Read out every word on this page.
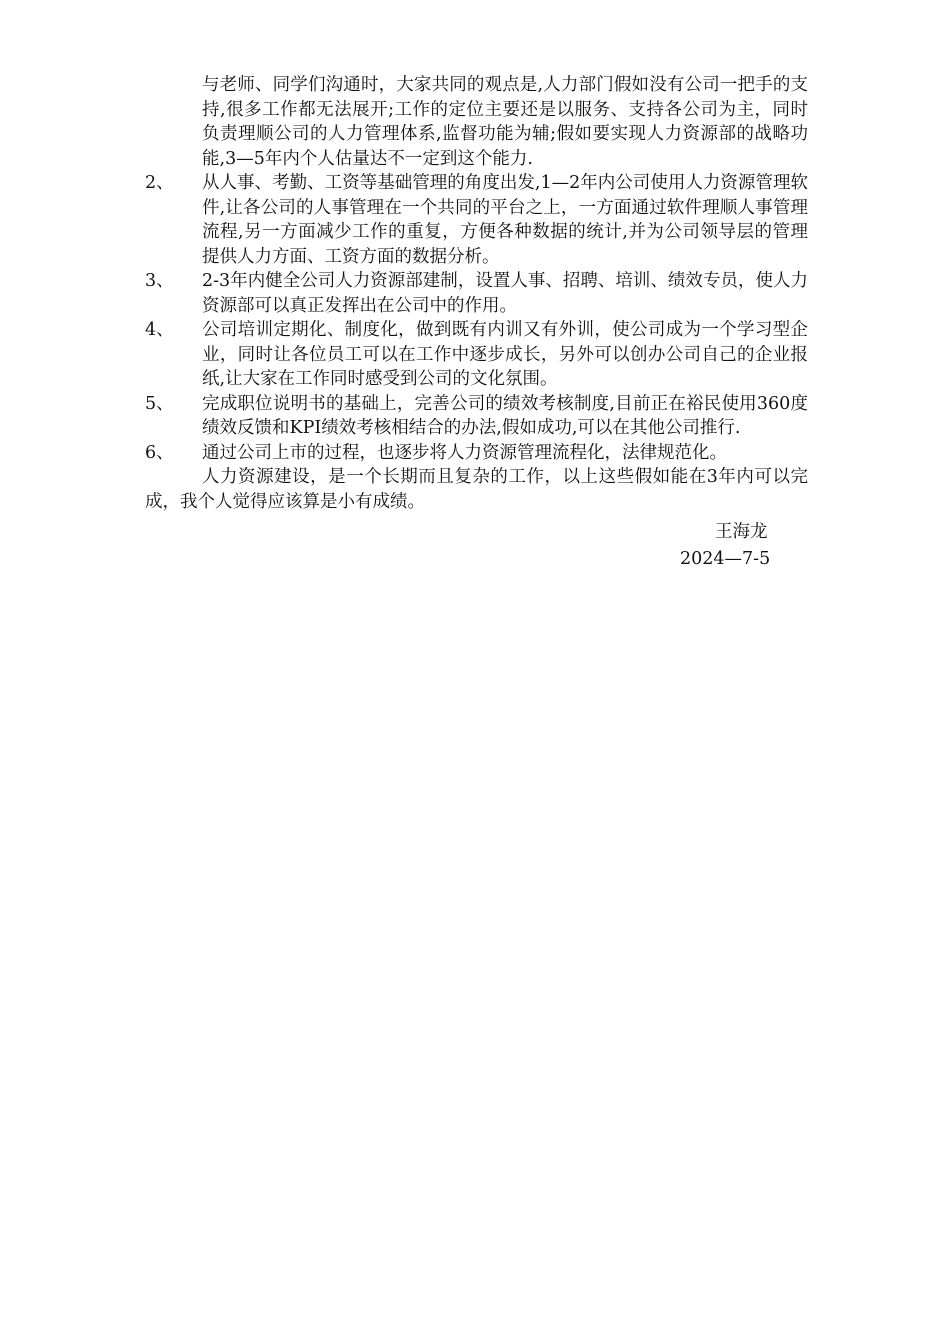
与老师、同学们沟通时，大家共同的观点是,人力部门假如没有公司一把手的支持,很多工作都无法展开;工作的定位主要还是以服务、支持各公司为主，同时负责理顺公司的人力管理体系,监督功能为辅;假如要实现人力资源部的战略功能,3—5年内个人估量达不一定到这个能力.
2、	从人事、考勤、工资等基础管理的角度出发,1—2年内公司使用人力资源管理软件,让各公司的人事管理在一个共同的平台之上，一方面通过软件理顺人事管理流程,另一方面减少工作的重复，方便各种数据的统计,并为公司领导层的管理提供人力方面、工资方面的数据分析。
3、	2-3年内健全公司人力资源部建制，设置人事、招聘、培训、绩效专员，使人力资源部可以真正发挥出在公司中的作用。
4、	公司培训定期化、制度化，做到既有内训又有外训，使公司成为一个学习型企业，同时让各位员工可以在工作中逐步成长，另外可以创办公司自己的企业报纸,让大家在工作同时感受到公司的文化氛围。
5、	完成职位说明书的基础上，完善公司的绩效考核制度,目前正在裕民使用360度绩效反馈和KPI绩效考核相结合的办法,假如成功,可以在其他公司推行.
6、	通过公司上市的过程，也逐步将人力资源管理流程化，法律规范化。
人力资源建设，是一个长期而且复杂的工作，以上这些假如能在3年内可以完成，我个人觉得应该算是小有成绩。
王海龙
2024—7-5
